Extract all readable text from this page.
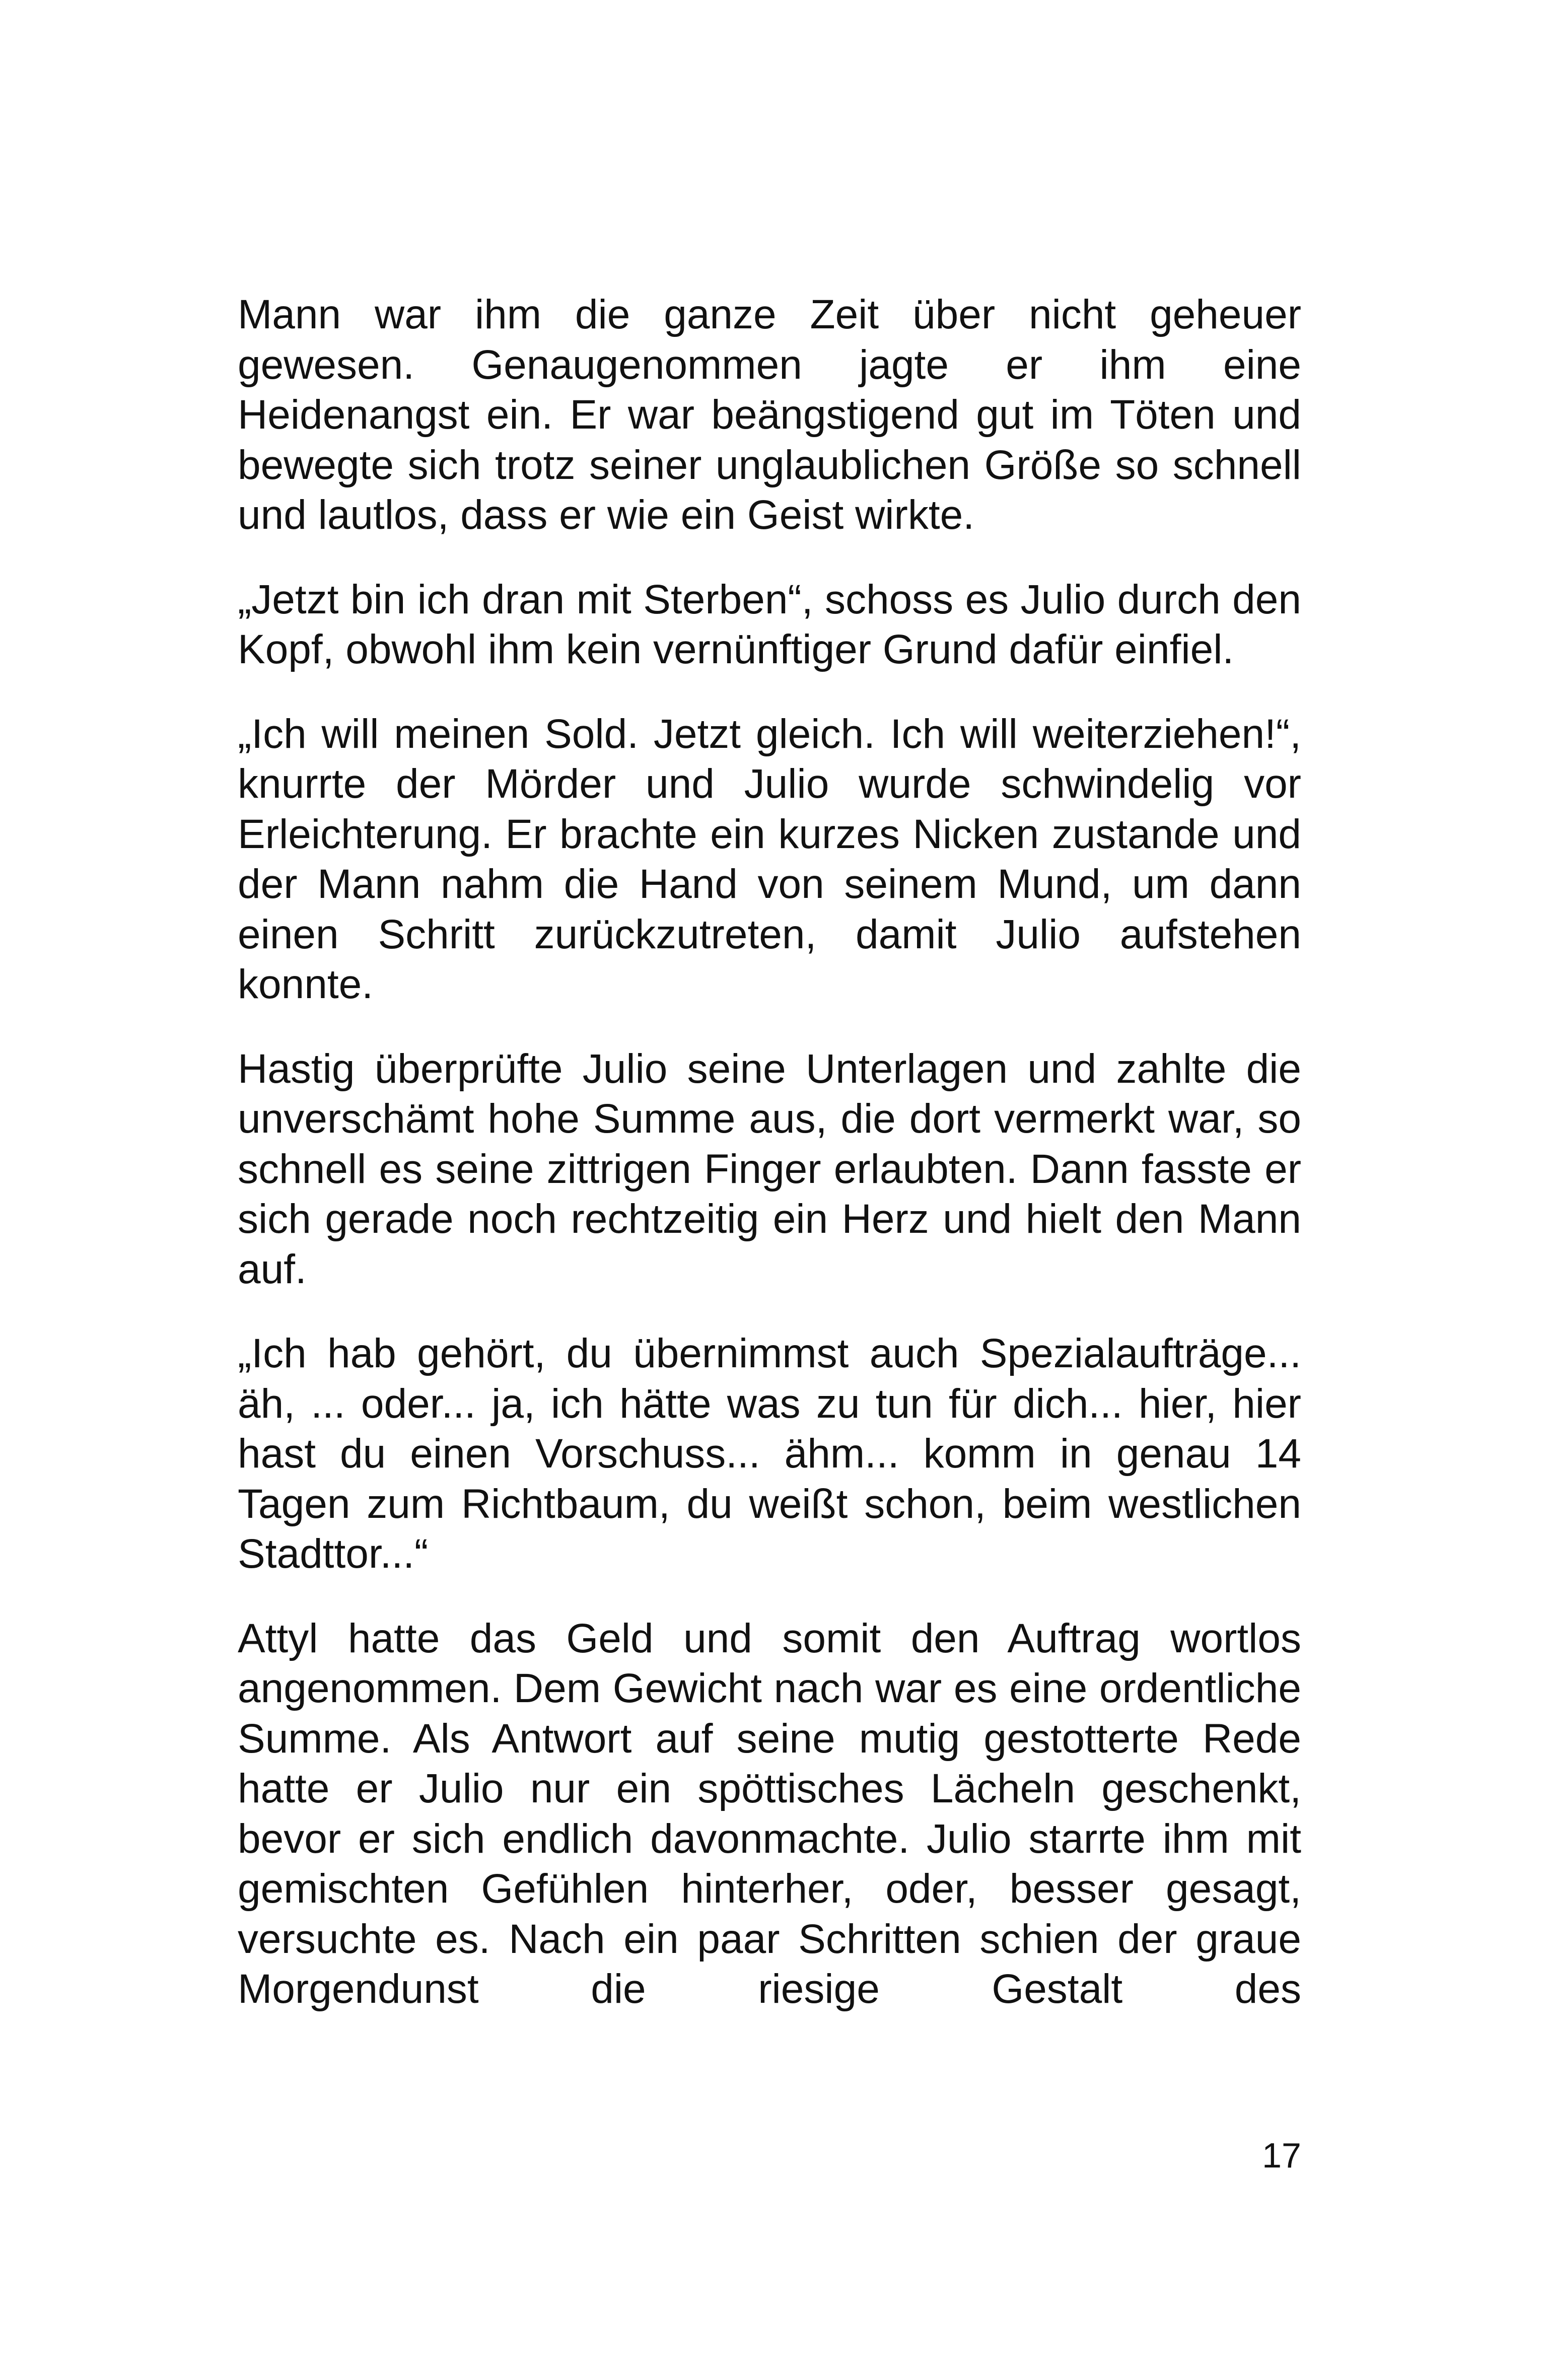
Mann war ihm die ganze Zeit über nicht geheuer gewesen. Genaugenommen jagte er ihm eine Heidenangst ein. Er war beängstigend gut im Töten und bewegte sich trotz seiner unglaublichen Größe so schnell und lautlos, dass er wie ein Geist wirkte.

„Jetzt bin ich dran mit Sterben“, schoss es Julio durch den Kopf, obwohl ihm kein vernünftiger Grund dafür einfiel.

„Ich will meinen Sold. Jetzt gleich. Ich will weiterziehen!“, knurrte der Mörder und Julio wurde schwindelig vor Erleichterung. Er brachte ein kurzes Nicken zustande und der Mann nahm die Hand von seinem Mund, um dann einen Schritt zurückzutreten, damit Julio aufstehen konnte.

Hastig überprüfte Julio seine Unterlagen und zahlte die unverschämt hohe Summe aus, die dort vermerkt war, so schnell es seine zittrigen Finger erlaubten. Dann fasste er sich gerade noch rechtzeitig ein Herz und hielt den Mann auf.

„Ich hab gehört, du übernimmst auch Spezialaufträge... äh, ... oder... ja, ich hätte was zu tun für dich... hier, hier hast du einen Vorschuss... ähm... komm in genau 14 Tagen zum Richtbaum, du weißt schon, beim westlichen Stadttor...“

Attyl hatte das Geld und somit den Auftrag wortlos angenommen. Dem Gewicht nach war es eine ordentliche Summe. Als Antwort auf seine mutig gestotterte Rede hatte er Julio nur ein spöttisches Lächeln geschenkt, bevor er sich endlich davonmachte. Julio starrte ihm mit gemischten Gefühlen hinterher, oder, besser gesagt, versuchte es. Nach ein paar Schritten schien der graue Morgendunst die riesige Gestalt des

17
